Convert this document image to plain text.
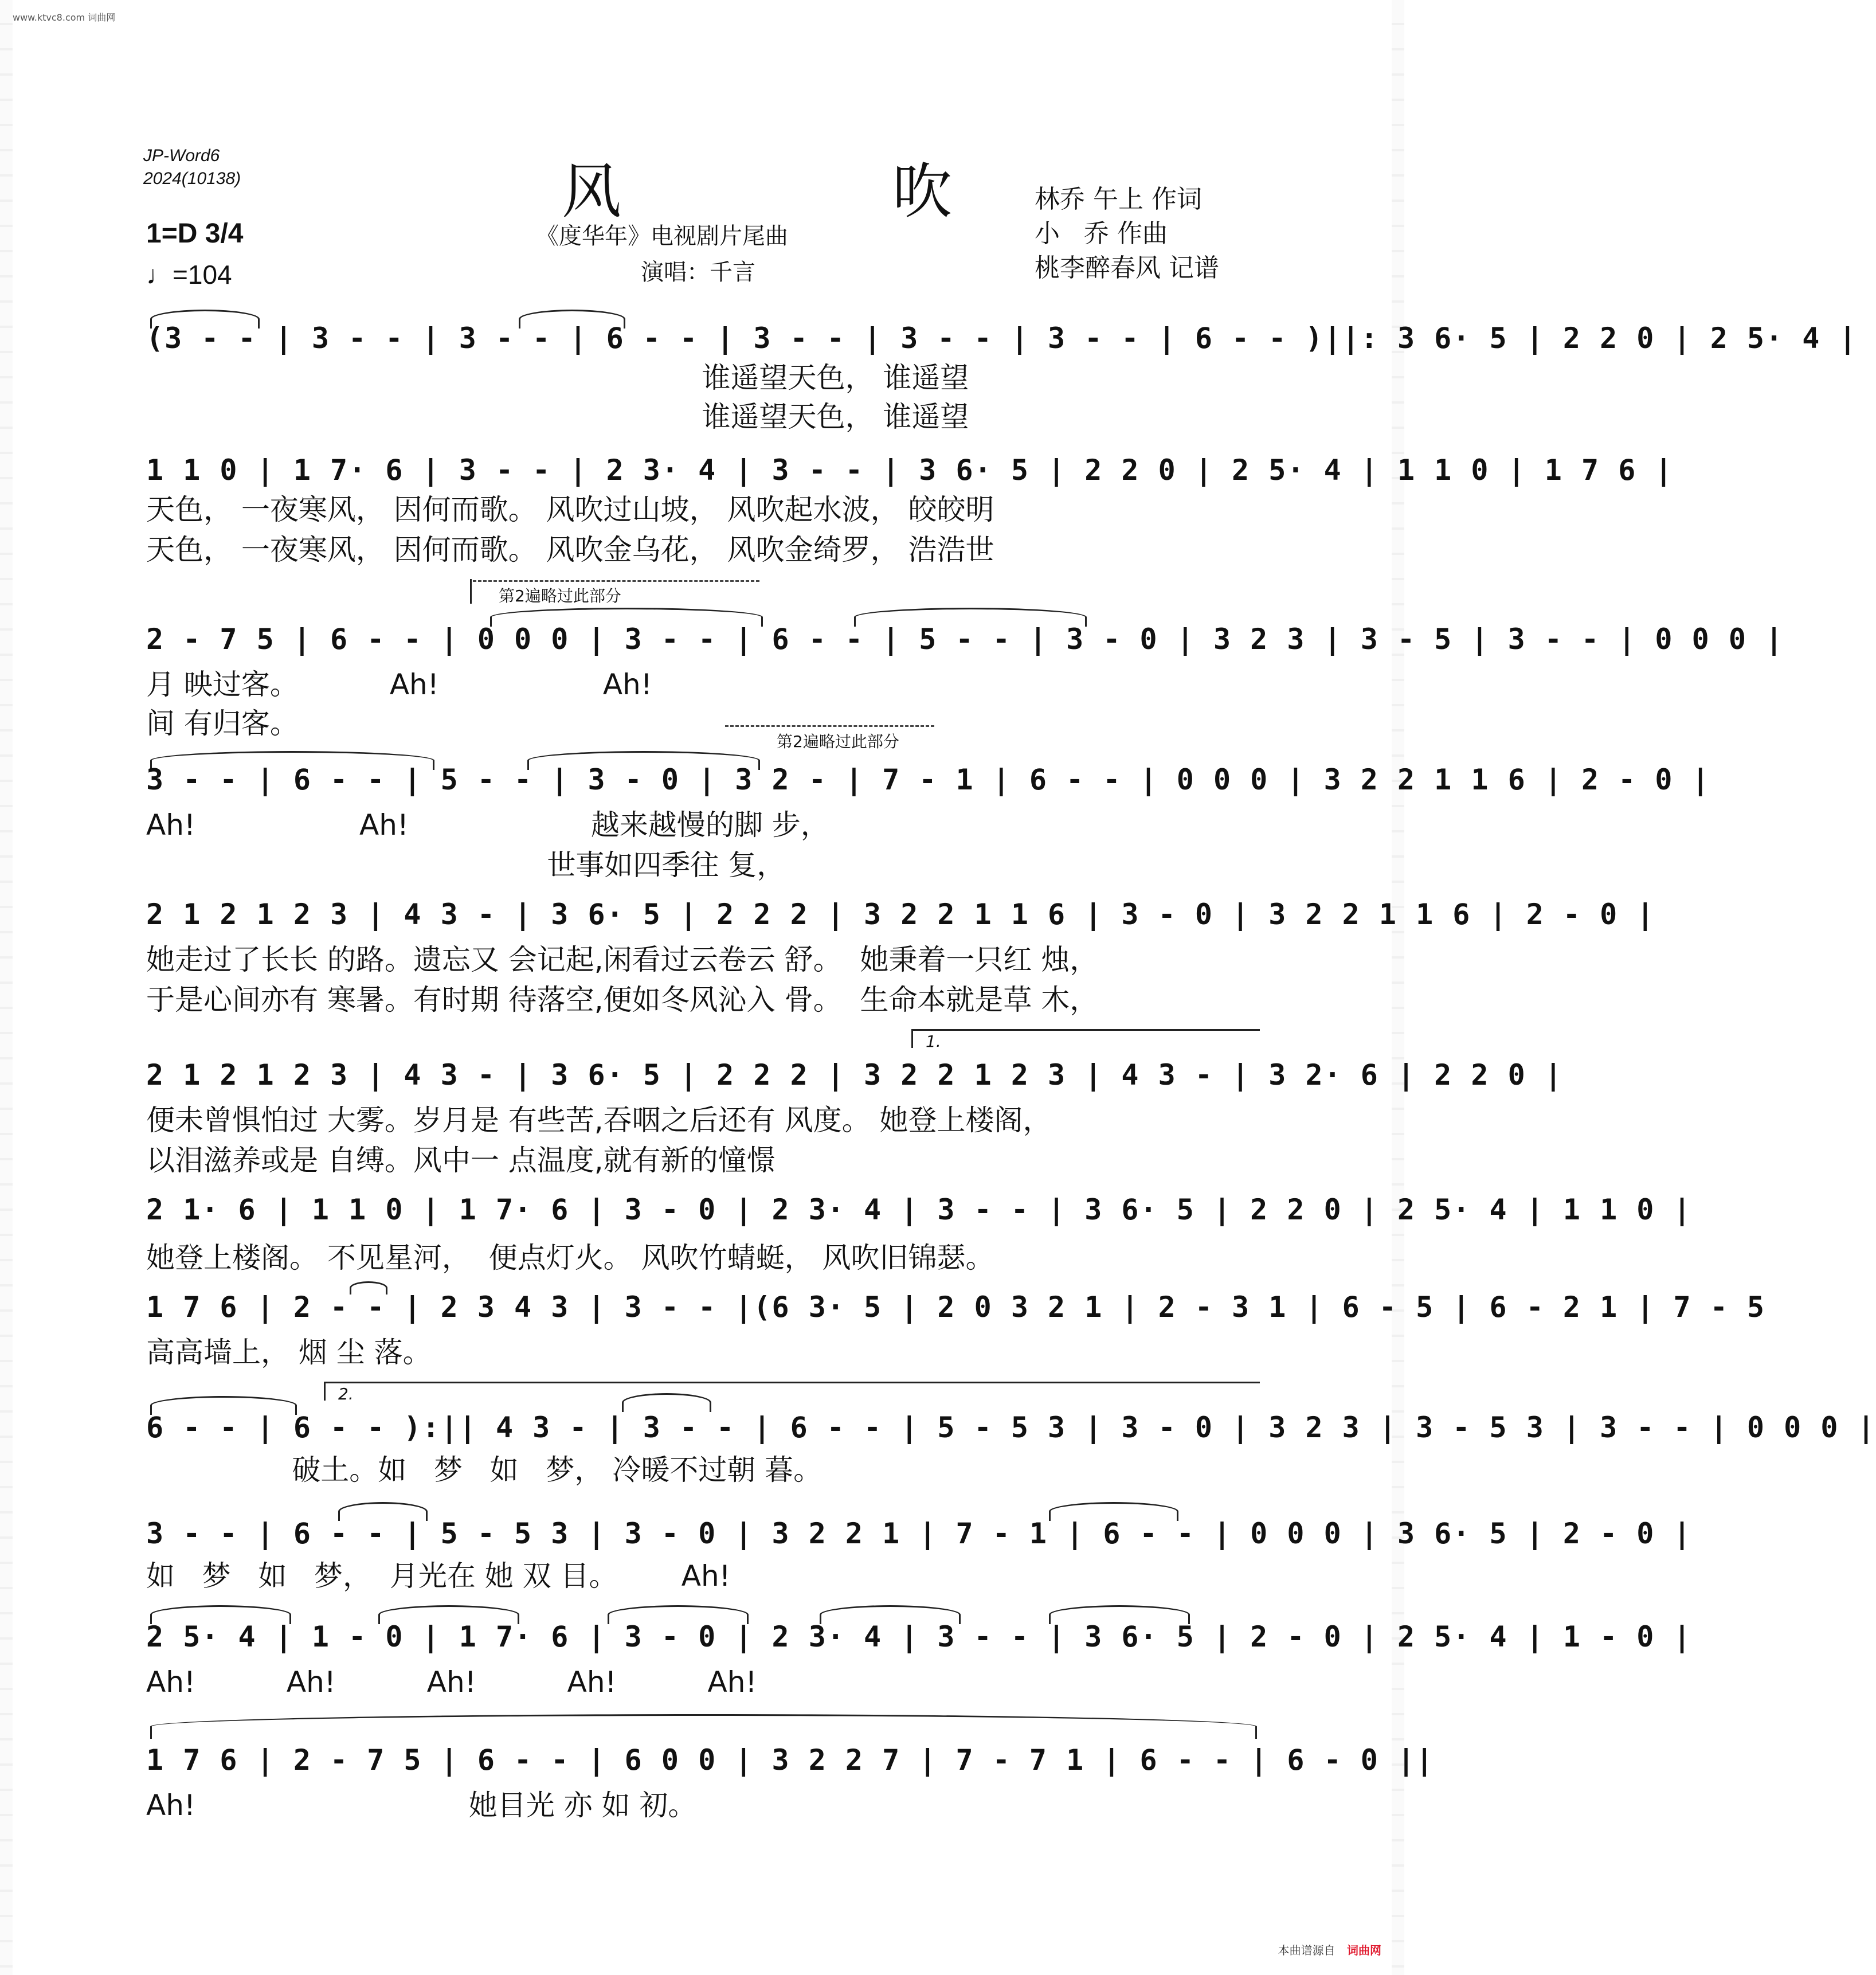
www.ktvc8.com 词曲网
JP-Word6
2024(10138)	风 吹
《度华年》电视剧片尾曲
演唱：千言
林乔 午上 作词
小   乔 作曲
桃李醉春风 记谱
1=D 3/4
♩=104
(3 - - | 3 - - | 3 - - | 6 - - | 3 - - | 3 - - | 3 - - | 6 - - )||: 3 6· 5 | 2 2 0 | 2 5· 4 |
谁遥望天色， 谁遥望
谁遥望天色， 谁遥望
1 1 0 | 1 7· 6 | 3 - - | 2 3· 4 | 3 - - | 3 6· 5 | 2 2 0 | 2 5· 4 | 1 1 0 | 1 7 6 |
天色， 一夜寒风， 因何而歌。 风吹过山坡， 风吹起水波， 皎皎明
天色， 一夜寒风， 因何而歌。 风吹金乌花， 风吹金绮罗， 浩浩世
第2遍略过此部分
2 - 7 5 | 6 - - | 0 0 0 | 3 - - | 6 - - | 5 - - | 3 - 0 | 3 2 3 | 3 - 5 | 3 - - | 0 0 0 |
月 映过客。          Ah!                  Ah!
间 有归客。
第2遍略过此部分
3 - - | 6 - - | 5 - - | 3 - 0 | 3 2 - | 7 - 1 | 6 - - | 0 0 0 | 3 2 2 1 1 6 | 2 - 0 |
Ah!                  Ah!                    越来越慢的脚 步，
世事如四季往 复，
2 1 2 1 2 3 | 4 3 - | 3 6· 5 | 2 2 2 | 3 2 2 1 1 6 | 3 - 0 | 3 2 2 1 1 6 | 2 - 0 |
她走过了长长 的路。遗忘又 会记起,闲看过云卷云 舒。  她秉着一只红 烛，
于是心间亦有 寒暑。有时期 待落空,便如冬风沁入 骨。  生命本就是草 木，
1.
2 1 2 1 2 3 | 4 3 - | 3 6· 5 | 2 2 2 | 3 2 2 1 2 3 | 4 3 - | 3 2· 6 | 2 2 0 |
便未曾惧怕过 大雾。岁月是 有些苦,吞咽之后还有 风度。 她登上楼阁，
以泪滋养或是 自缚。风中一 点温度,就有新的憧憬
2 1· 6 | 1 1 0 | 1 7· 6 | 3 - 0 | 2 3· 4 | 3 - - | 3 6· 5 | 2 2 0 | 2 5· 4 | 1 1 0 |
她登上楼阁。 不见星河，  便点灯火。 风吹竹蜻蜓， 风吹旧锦瑟。
1 7 6 | 2 - - | 2 3 4 3 | 3 - - |(6 3· 5 | 2 0 3 2 1 | 2 - 3 1 | 6 - 5 | 6 - 2 1 | 7 - 5
高高墙上， 烟 尘 落。
2.
6 - - | 6 - - ):|| 4 3 - | 3 - - | 6 - - | 5 - 5 3 | 3 - 0 | 3 2 3 | 3 - 5 3 | 3 - - | 0 0 0 |
破土。如   梦   如   梦， 冷暖不过朝 暮。
3 - - | 6 - - | 5 - 5 3 | 3 - 0 | 3 2 2 1 | 7 - 1 | 6 - - | 0 0 0 | 3 6· 5 | 2 - 0 |
如   梦   如   梦，  月光在 她 双 目。       Ah!
2 5· 4 | 1 - 0 | 1 7· 6 | 3 - 0 | 2 3· 4 | 3 - - | 3 6· 5 | 2 - 0 | 2 5· 4 | 1 - 0 |
Ah!          Ah!          Ah!          Ah!          Ah!
1 7 6 | 2 - 7 5 | 6 - - | 6 0 0 | 3 2 2 7 | 7 - 7 1 | 6 - - | 6 - 0 ||
Ah!                              她目光 亦 如 初。
本曲谱源自 词曲网
